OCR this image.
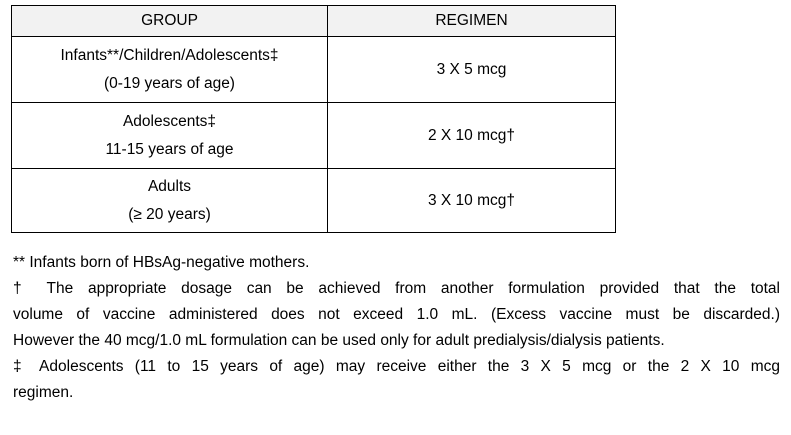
GROUP	REGIMEN

Infants**/Children/Adolescents‡
(0-19 years of age)	3 X 5 mcg

Adolescents‡
11-15 years of age	2 X 10 mcg†

Adults
(≥ 20 years)	3 X 10 mcg†

** Infants born of HBsAg-negative mothers.

† The appropriate dosage can be achieved from another formulation provided that the total

volume of vaccine administered does not exceed 1.0 mL. (Excess vaccine must be discarded.)

However the 40 mcg/1.0 mL formulation can be used only for adult predialysis/dialysis patients.

‡ Adolescents (11 to 15 years of age) may receive either the 3 X 5 mcg or the 2 X 10 mcg

regimen.
